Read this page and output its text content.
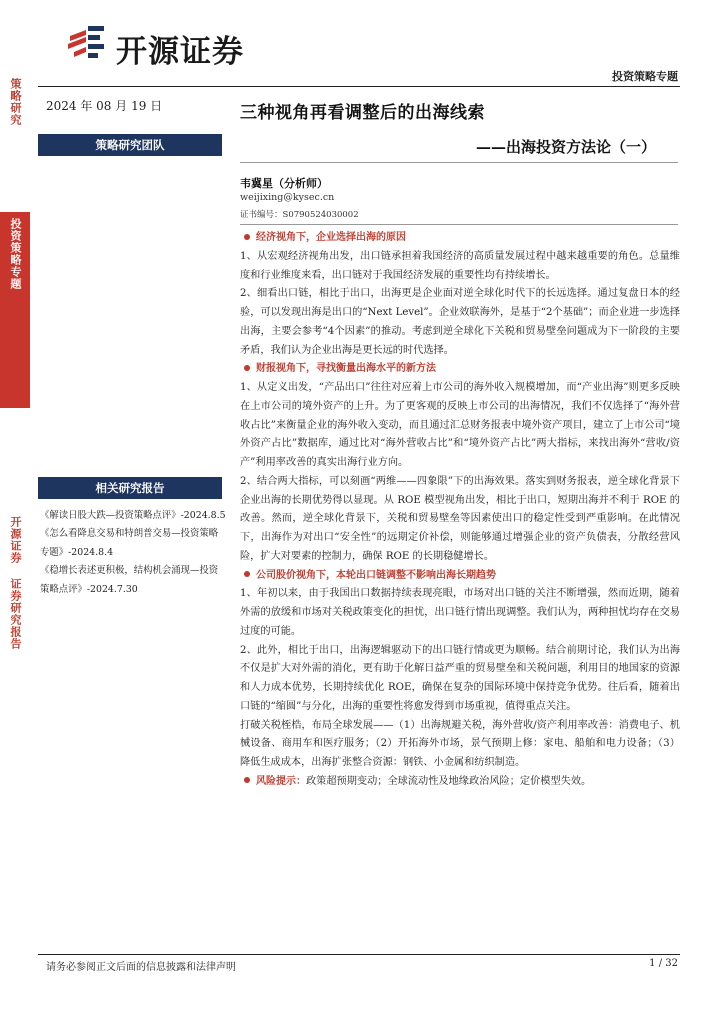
开源证券
投资策略专题
策略研究
投资策略专题
开源证券 证券研究报告
2024 年 08 月 19 日
策略研究团队
相关研究报告

《解读日股大跌—投资策略点评》-2024.8.5

《怎么看降息交易和特朗普交易—投资策略专题》-2024.8.4

《稳增长表述更积极，结构机会涌现—投资策略点评》-2024.7.30

三种视角再看调整后的出海线索
——出海投资方法论（一）
韦冀星（分析师）
weijixing@kysec.cn
证书编号：S0790524030002

经济视角下，企业选择出海的原因

1、从宏观经济视角出发，出口链承担着我国经济的高质量发展过程中越来越重要的角色。总量维度和行业维度来看，出口链对于我国经济发展的重要性均有持续增长。

2、细看出口链，相比于出口，出海更是企业面对逆全球化时代下的长远选择。通过复盘日本的经验，可以发现出海是出口的“Next Level”。企业效联海外，是基于“2个基础”；而企业进一步选择出海，主要会参考“4个因素”的推动。考虑到逆全球化下关税和贸易壁垒问题成为下一阶段的主要矛盾，我们认为企业出海是更长远的时代选择。

财报视角下，寻找衡量出海水平的新方法

1、从定义出发，“产品出口”往往对应着上市公司的海外收入规模增加，而“产业出海”则更多反映在上市公司的境外资产的上升。为了更客观的反映上市公司的出海情况，我们不仅选择了“海外营收占比”来衡量企业的海外收入变动，而且通过汇总财务报表中境外资产项目，建立了上市公司“境外资产占比”数据库，通过比对“海外营收占比”和“境外资产占比”两大指标，来找出海外“营收/资产”利用率改善的真实出海行业方向。

2、结合两大指标，可以刻画“两维——四象限”下的出海效果。落实到财务报表，逆全球化背景下企业出海的长期优势得以显现。从 ROE 模型视角出发，相比于出口，短期出海并不利于 ROE 的改善。然而，逆全球化背景下，关税和贸易壁垒等因素使出口的稳定性受到严重影响。在此情况下，出海作为对出口“安全性”的远期定价补偿，则能够通过增强企业的资产负债表，分散经营风险，扩大对要素的控制力，确保 ROE 的长期稳健增长。

公司股价视角下，本轮出口链调整不影响出海长期趋势

1、年初以来，由于我国出口数据持续表现亮眼，市场对出口链的关注不断增强，然而近期，随着外需的放缓和市场对关税政策变化的担忧，出口链行情出现调整。我们认为，两种担忧均存在交易过度的可能。

2、此外，相比于出口，出海逻辑驱动下的出口链行情或更为顺畅。结合前期讨论，我们认为出海不仅是扩大对外需的消化，更有助于化解日益严重的贸易壁垒和关税问题，利用目的地国家的资源和人力成本优势，长期持续优化 ROE，确保在复杂的国际环境中保持竞争优势。往后看，随着出口链的“缩圆”与分化，出海的重要性将愈发得到市场重视，值得重点关注。

打破关税桎梏，布局全球发展——（1）出海规避关税，海外营收/资产利用率改善：消费电子、机械设备、商用车和医疗服务；（2）开拓海外市场，景气预期上修：家电、船舶和电力设备；（3）降低生成成本，出海扩张整合资源：钢铁、小金属和纺织制造。

风险提示：政策超预期变动；全球流动性及地缘政治风险；定价模型失效。

请务必参阅正文后面的信息披露和法律声明	1 / 32
